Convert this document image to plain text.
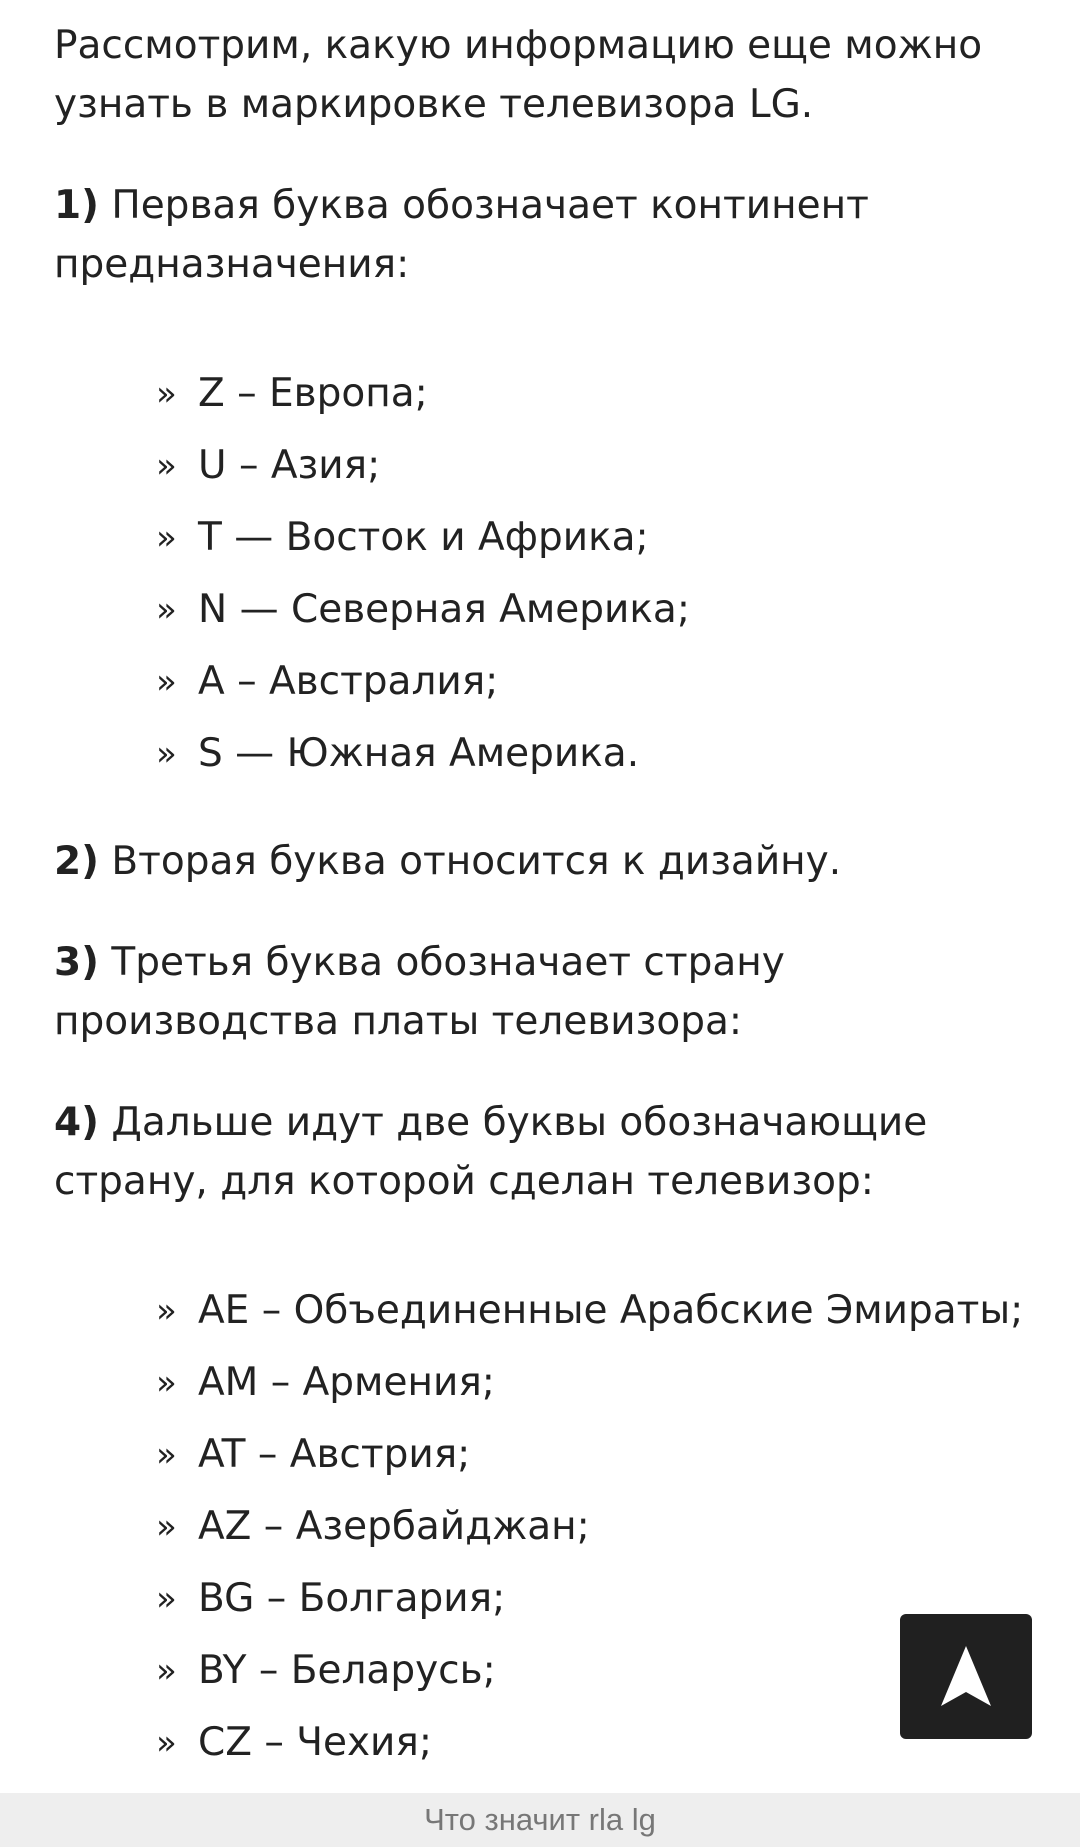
Рассмотрим, какую информацию еще можно узнать в маркировке телевизора LG.

1) Первая буква обозначает континент предназначения:

» Z – Европа;
» U – Азия;
» T — Восток и Африка;
» N — Северная Америка;
» A – Австралия;
» S — Южная Америка.

2) Вторая буква относится к дизайну.

3) Третья буква обозначает страну производства платы телевизора:

4) Дальше идут две буквы обозначающие страну, для которой сделан телевизор:

» AE – Объединенные Арабские Эмираты;
» AM – Армения;
» AT – Австрия;
» AZ – Азербайджан;
» BG – Болгария;
» BY – Беларусь;
» CZ – Чехия;
Что значит rla lg
